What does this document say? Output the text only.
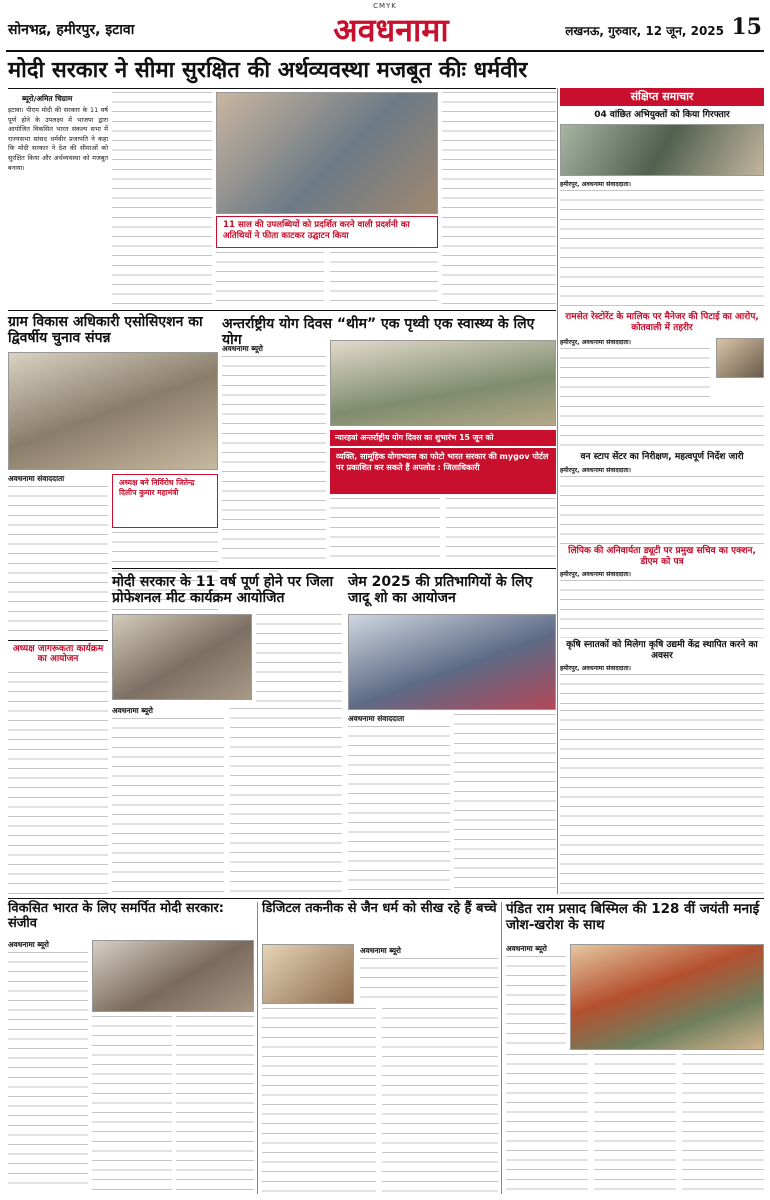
CMYK
सोनभद्र, हमीरपुर, इटावा	अवधनामा	लखनऊ, गुरुवार, 12 जून, 2025 15
मोदी सरकार ने सीमा सुरक्षित की अर्थव्यवस्था मजबूत कीः धर्मवीर
ब्यूरो/अमित चिग्राम
इटावा। पीएम मोदी की सरकार के 11 वर्ष पूर्ण होने के उपलक्ष्य में भाजपा द्वारा आयोजित विकसित भारत संकल्प सभा में राज्यसभा सांसद धर्मवीर प्रजापति ने कहा कि मोदी सरकार ने देश की सीमाओं को सुरक्षित किया और अर्थव्यवस्था को मजबूत बनाया।
11 साल की उपलब्धियों को प्रदर्शित करने वाली प्रदर्शनी का अतिथियों ने फीता काटकर उद्घाटन किया
ग्राम विकास अधिकारी एसोसिएशन का द्विवर्षीय चुनाव संपन्न
अवधनामा संवाददाता	अध्यक्ष बने निर्विरोध जितेन्द्र दिलीप कुमार महामंत्री
अध्यक्ष जागरूकता कार्यक्रम का आयोजन
अन्तर्राष्ट्रीय योग दिवस “थीम” एक पृथ्वी एक स्वास्थ्य के लिए योग
अवधनामा ब्यूरो
न्यारहवां अन्तर्राष्ट्रीय योग दिवस का शुभारंभ 15 जून को
व्यक्ति, सामूहिक योगाभ्यास का फोटो भारत सरकार की mygov पोर्टल पर प्रकाशित कर सकते हैं अपलोड : जिलाधिकारी
मोदी सरकार के 11 वर्ष पूर्ण होने पर जिला प्रोफेशनल मीट कार्यक्रम आयोजित
अवधनामा ब्यूरो
जेम 2025 की प्रतिभागियों के लिए जादू शो का आयोजन
अवधनामा संवाददाता
संक्षिप्त समाचार
04 वांछित अभियुक्तों को किया गिरफ्तार
हमीरपुर, अवधनामा संवाददाता।
रामसेत रेस्टोरेंट के मालिक पर मैनेजर की पिटाई का आरोप, कोतवाली में तहरीर
हमीरपुर, अवधनामा संवाददाता।
वन स्टाप सेंटर का निरीक्षण, महत्वपूर्ण निर्देश जारी
हमीरपुर, अवधनामा संवाददाता।
लिपिक की अनिवार्यता ड्यूटी पर प्रमुख सचिव का एक्शन, डीएम को पत्र
हमीरपुर, अवधनामा संवाददाता।
कृषि स्नातकों को मिलेगा कृषि उद्यमी केंद्र स्थापित करने का अवसर
हमीरपुर, अवधनामा संवाददाता।
विकसित भारत के लिए समर्पित मोदी सरकार: संजीव
अवधनामा ब्यूरो
डिजिटल तकनीक से जैन धर्म को सीख रहे हैं बच्चे
अवधनामा ब्यूरो
पंडित राम प्रसाद बिस्मिल की 128 वीं जयंती मनाई जोश-खरोश के साथ
अवधनामा ब्यूरो
